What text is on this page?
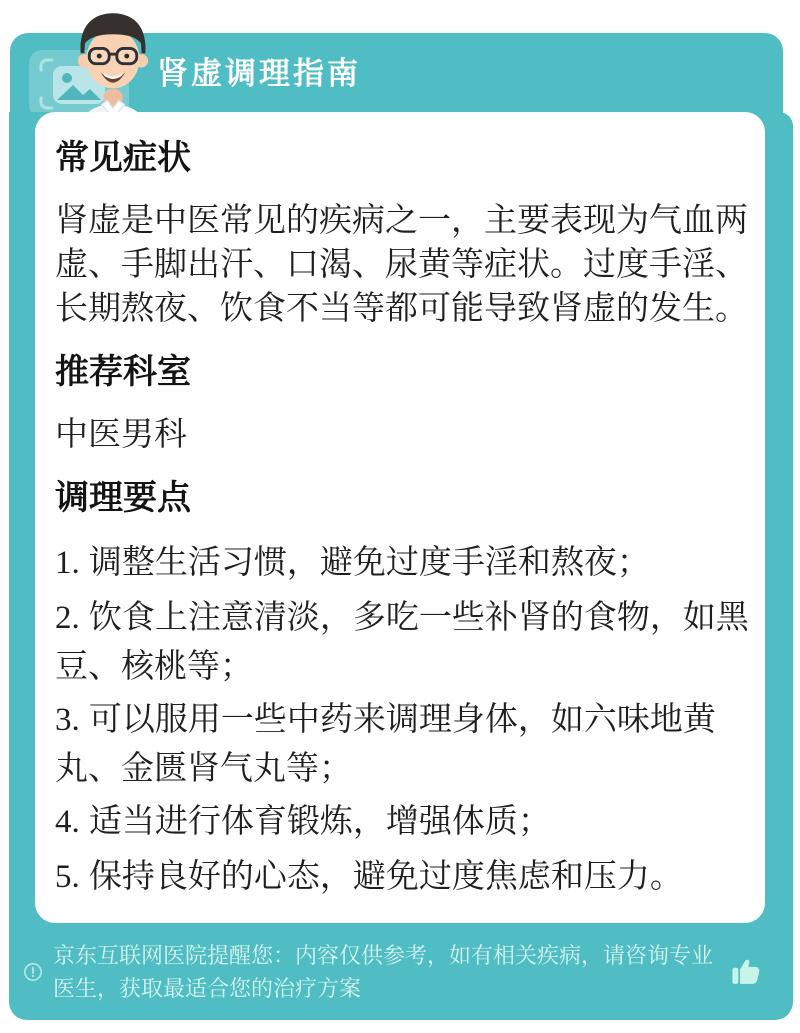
肾虚调理指南
常见症状

肾虚是中医常见的疾病之一，主要表现为气血两虚、手脚出汗、口渴、尿黄等症状。过度手淫、长期熬夜、饮食不当等都可能导致肾虚的发生。

推荐科室

中医男科

调理要点

1. 调整生活习惯，避免过度手淫和熬夜；

2. 饮食上注意清淡，多吃一些补肾的食物，如黑豆、核桃等；

3. 可以服用一些中药来调理身体，如六味地黄丸、金匮肾气丸等；

4. 适当进行体育锻炼，增强体质；

5. 保持良好的心态，避免过度焦虑和压力。

京东互联网医院提醒您：内容仅供参考，如有相关疾病，请咨询专业医生，获取最适合您的治疗方案
